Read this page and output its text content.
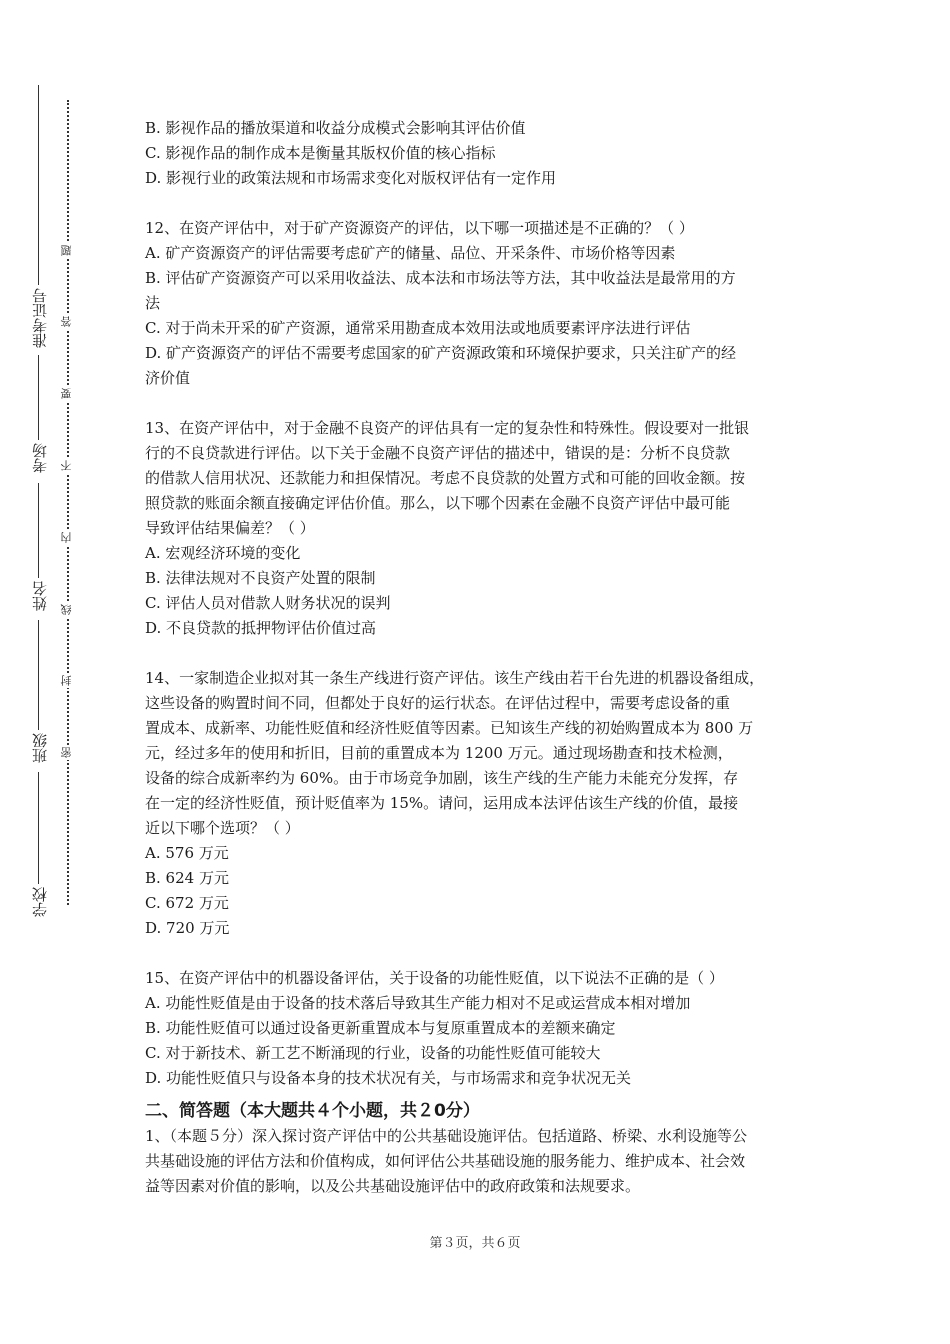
准考证号
考场
姓名
班级
学校
题
答
要
不
内
线
封
密
B. 影视作品的播放渠道和收益分成模式会影响其评估价值
C. 影视作品的制作成本是衡量其版权价值的核心指标
D. 影视行业的政策法规和市场需求变化对版权评估有一定作用
12、在资产评估中，对于矿产资源资产的评估，以下哪一项描述是不正确的？（ ）
A. 矿产资源资产的评估需要考虑矿产的储量、品位、开采条件、市场价格等因素
B. 评估矿产资源资产可以采用收益法、成本法和市场法等方法，其中收益法是最常用的方
法
C. 对于尚未开采的矿产资源，通常采用勘查成本效用法或地质要素评序法进行评估
D. 矿产资源资产的评估不需要考虑国家的矿产资源政策和环境保护要求，只关注矿产的经
济价值
13、在资产评估中，对于金融不良资产的评估具有一定的复杂性和特殊性。假设要对一批银
行的不良贷款进行评估。以下关于金融不良资产评估的描述中，错误的是：分析不良贷款
的借款人信用状况、还款能力和担保情况。考虑不良贷款的处置方式和可能的回收金额。按
照贷款的账面余额直接确定评估价值。那么，以下哪个因素在金融不良资产评估中最可能
导致评估结果偏差？（ ）
A. 宏观经济环境的变化
B. 法律法规对不良资产处置的限制
C. 评估人员对借款人财务状况的误判
D. 不良贷款的抵押物评估价值过高
14、一家制造企业拟对其一条生产线进行资产评估。该生产线由若干台先进的机器设备组成，
这些设备的购置时间不同，但都处于良好的运行状态。在评估过程中，需要考虑设备的重
置成本、成新率、功能性贬值和经济性贬值等因素。已知该生产线的初始购置成本为 800 万
元，经过多年的使用和折旧，目前的重置成本为 1200 万元。通过现场勘查和技术检测，
设备的综合成新率约为 60%。由于市场竞争加剧，该生产线的生产能力未能充分发挥，存
在一定的经济性贬值，预计贬值率为 15%。请问，运用成本法评估该生产线的价值，最接
近以下哪个选项？（ ）
A. 576 万元
B. 624 万元
C. 672 万元
D. 720 万元
15、在资产评估中的机器设备评估，关于设备的功能性贬值，以下说法不正确的是（ ）
A. 功能性贬值是由于设备的技术落后导致其生产能力相对不足或运营成本相对增加
B. 功能性贬值可以通过设备更新重置成本与复原重置成本的差额来确定
C. 对于新技术、新工艺不断涌现的行业，设备的功能性贬值可能较大
D. 功能性贬值只与设备本身的技术状况有关，与市场需求和竞争状况无关
二、简答题（本大题共４个小题，共２0分）
1、（本题５分）深入探讨资产评估中的公共基础设施评估。包括道路、桥梁、水利设施等公
共基础设施的评估方法和价值构成，如何评估公共基础设施的服务能力、维护成本、社会效
益等因素对价值的影响，以及公共基础设施评估中的政府政策和法规要求。
第３页，共６页
